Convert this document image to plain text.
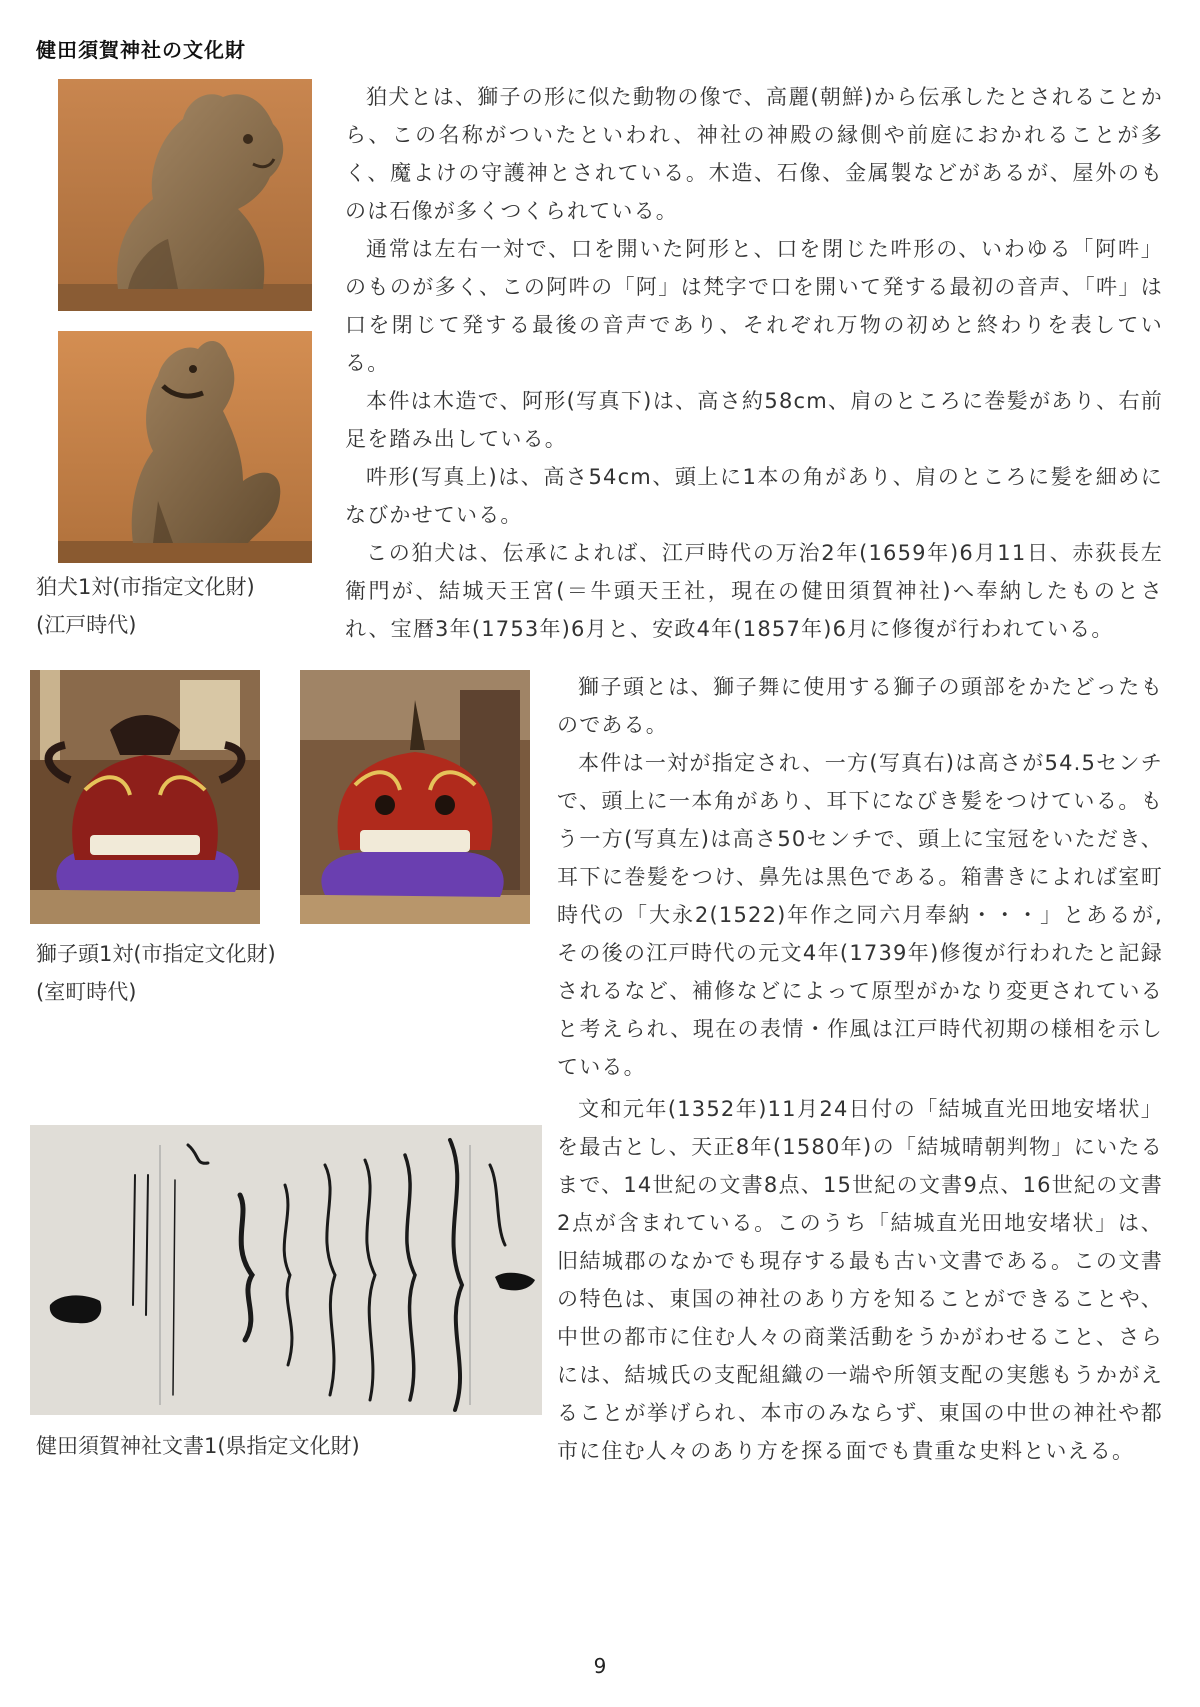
健田須賀神社の文化財
狛犬1対(市指定文化財)
(江戸時代)

狛犬とは、獅子の形に似た動物の像で、高麗(朝鮮)から伝承したとされることから、この名称がついたといわれ、神社の神殿の縁側や前庭におかれることが多く、魔よけの守護神とされている。木造、石像、金属製などがあるが、屋外のものは石像が多くつくられている。

通常は左右一対で、口を開いた阿形と、口を閉じた吽形の、いわゆる「阿吽」のものが多く、この阿吽の「阿」は梵字で口を開いて発する最初の音声、「吽」は口を閉じて発する最後の音声であり、それぞれ万物の初めと終わりを表している。

本件は木造で、阿形(写真下)は、高さ約58cm、肩のところに巻髪があり、右前足を踏み出している。

吽形(写真上)は、高さ54cm、頭上に1本の角があり、肩のところに髪を細めになびかせている。

この狛犬は、伝承によれば、江戸時代の万治2年(1659年)6月11日、赤荻長左衛門が、結城天王宮(＝牛頭天王社，現在の健田須賀神社)へ奉納したものとされ、宝暦3年(1753年)6月と、安政4年(1857年)6月に修復が行われている。

獅子頭1対(市指定文化財)
(室町時代)

獅子頭とは、獅子舞に使用する獅子の頭部をかたどったものである。

本件は一対が指定され、一方(写真右)は高さが54.5センチで、頭上に一本角があり、耳下になびき髪をつけている。もう一方(写真左)は高さ50センチで、頭上に宝冠をいただき、耳下に巻髪をつけ、鼻先は黒色である。箱書きによれば室町時代の「大永2(1522)年作之同六月奉納・・・」とあるが,その後の江戸時代の元文4年(1739年)修復が行われたと記録されるなど、補修などによって原型がかなり変更されていると考えられ、現在の表情・作風は江戸時代初期の様相を示している。

健田須賀神社文書1(県指定文化財)

文和元年(1352年)11月24日付の「結城直光田地安堵状」を最古とし、天正8年(1580年)の「結城晴朝判物」にいたるまで、14世紀の文書8点、15世紀の文書9点、16世紀の文書2点が含まれている。このうち「結城直光田地安堵状」は、旧結城郡のなかでも現存する最も古い文書である。この文書の特色は、東国の神社のあり方を知ることができることや、中世の都市に住む人々の商業活動をうかがわせること、さらには、結城氏の支配組織の一端や所領支配の実態もうかがえることが挙げられ、本市のみならず、東国の中世の神社や都市に住む人々のあり方を探る面でも貴重な史料といえる。

9
